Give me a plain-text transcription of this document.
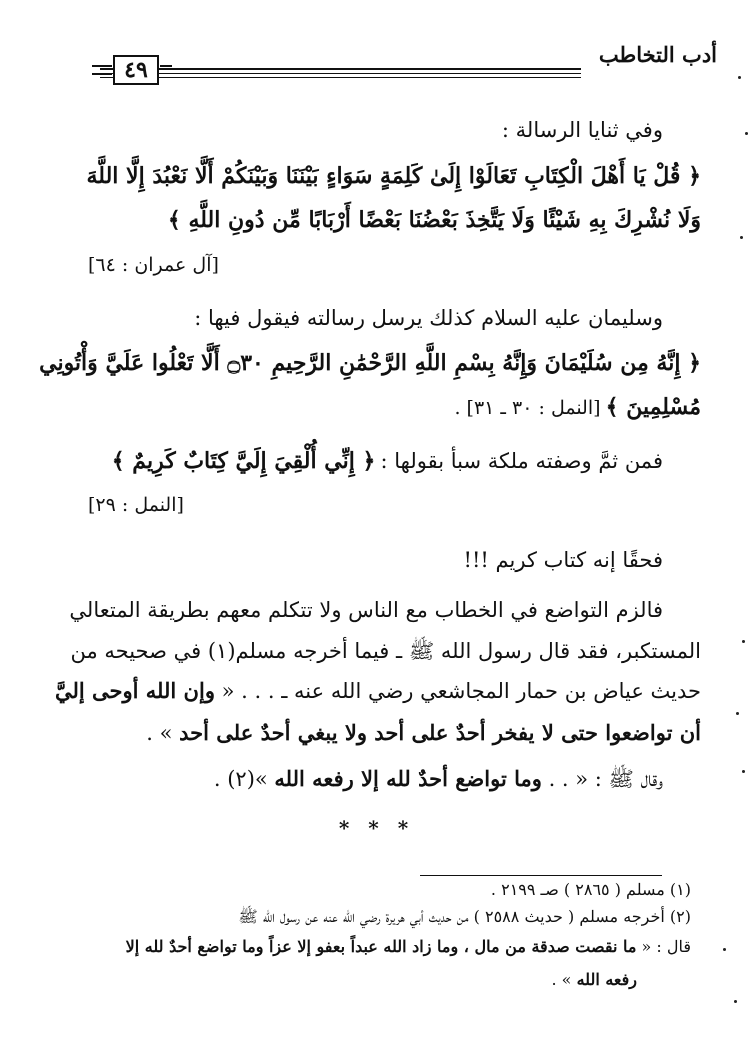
أدب التخاطب
٤٩
وفي ثنايا الرسالة :
﴿ قُلْ يَا أَهْلَ الْكِتَابِ تَعَالَوْا إِلَىٰ كَلِمَةٍ سَوَاءٍ بَيْنَنَا وَبَيْنَكُمْ أَلَّا نَعْبُدَ إِلَّا اللَّهَ
وَلَا نُشْرِكَ بِهِ شَيْئًا وَلَا يَتَّخِذَ بَعْضُنَا بَعْضًا أَرْبَابًا مِّن دُونِ اللَّهِ ﴾
[آل عمران : ٦٤]
وسليمان عليه السلام كذلك يرسل رسالته فيقول فيها :
﴿ إِنَّهُ مِن سُلَيْمَانَ وَإِنَّهُ بِسْمِ اللَّهِ الرَّحْمَٰنِ الرَّحِيمِ ۝٣٠ أَلَّا تَعْلُوا عَلَيَّ وَأْتُونِي
مُسْلِمِينَ ﴾ [النمل : ٣٠ ـ ٣١] .
فمن ثمَّ وصفته ملكة سبأ بقولها : ﴿ إِنِّي أُلْقِيَ إِلَيَّ كِتَابٌ كَرِيمٌ ﴾
[النمل : ٢٩]
فحقًا إنه كتاب كريم !!!
فالزم التواضع في الخطاب مع الناس ولا تتكلم معهم بطريقة المتعالي
المستكبر، فقد قال رسول الله ﷺ ـ فيما أخرجه مسلم(١) في صحيحه من
حديث عياض بن حمار المجاشعي رضي الله عنه ـ . . . « وإن الله أوحى إليَّ
أن تواضعوا حتى لا يفخر أحدٌ على أحد ولا يبغي أحدٌ على أحد » .
وقال ﷺ : « . . وما تواضع أحدٌ لله إلا رفعه الله »(٢) .
* * *
(١) مسلم ( ٢٨٦٥ ) صـ ٢١٩٩ .
(٢) أخرجه مسلم ( حديث ٢٥٨٨ ) من حديث أبي هريرة رضي الله عنه عن رسول الله ﷺ
قال : « ما نقصت صدقة من مال ، وما زاد الله عبداً بعفو إلا عزاً وما تواضع أحدٌ لله إلا
رفعه الله » .
